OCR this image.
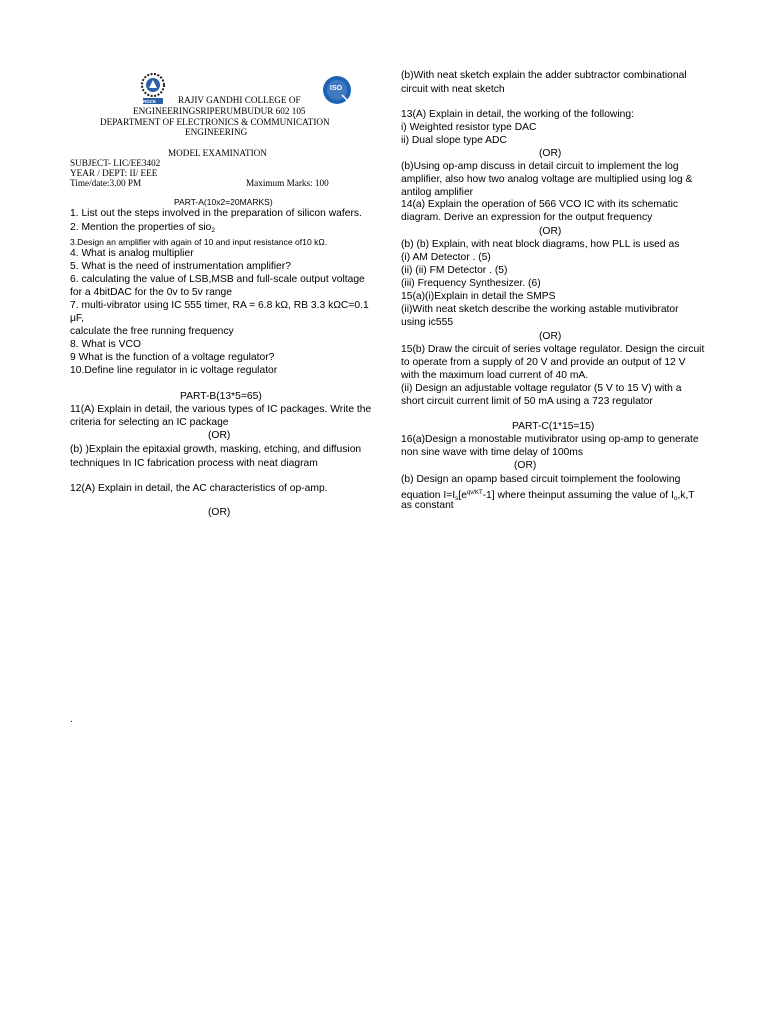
RGCE
ISO
RAJIV GANDHI COLLEGE OF
ENGINEERINGSRIPERUMBUDUR 602 105
DEPARTMENT OF ELECTRONICS & COMMUNICATION
ENGINEERING
MODEL EXAMINATION
SUBJECT- LIC/EE3402
YEAR / DEPT: II/ EEE
Time/date:3.00 PM	Maximum Marks: 100
PART-A(10x2=20MARKS)
1. List out the steps involved in the preparation of silicon wafers.
2. Mention the properties of sio$_2$
3.Design an amplifier with again of 10 and input resistance of10 kΩ.
4. What is analog multiplier
5. What is the need of instrumentation amplifier?
6. calculating the value of LSB,MSB and full-scale output voltage
for a 4bitDAC for the 0v to 5v range
7. multi-vibrator using IC 555 timer, RA = 6.8 kΩ, RB 3.3 kΩC=0.1
μF,
calculate the free running frequency
8. What is VCO
9 What is the function of a voltage regulator?
10.Define line regulator in ic voltage regulator
PART-B(13*5=65)
11(A) Explain in detail, the various types of IC packages. Write the
criteria for selecting an IC package
(OR)
(b) )Explain the epitaxial growth, masking, etching, and diffusion
techniques In IC fabrication process with neat diagram
12(A) Explain in detail, the AC characteristics of op-amp.
(OR)
(b)With neat sketch explain the adder subtractor combinational
circuit with neat sketch
13(A) Explain in detail, the working of the following:
i) Weighted resistor type DAC
ii) Dual slope type ADC
(OR)
(b)Using op-amp discuss in detail circuit to implement the log
amplifier, also how two analog voltage are multiplied using log &
antilog amplifier
14(a) Explain the operation of 566 VCO IC with its schematic
diagram. Derive an expression for the output frequency
(OR)
(b) (b) Explain, with neat block diagrams, how PLL is used as
(i) AM Detector . (5)
(ii) (ii) FM Detector . (5)
(iii) Frequency Synthesizer. (6)
15(a)(i)Explain in detail the SMPS
(ii)With neat sketch describe the working astable mutivibrator
using ic555
(OR)
15(b) Draw the circuit of series voltage regulator. Design the circuit
to operate from a supply of 20 V and provide an output of 12 V
with the maximum load current of 40 mA.
(ii) Design an adjustable voltage regulator (5 V to 15 V) with a
short circuit current limit of 50 mA using a 723 regulator
PART-C(1*15=15)
16(a)Design a monostable mutivibrator using op-amp to generate
non sine wave with time delay of 100ms
(OR)
(b) Design an opamp based circuit toimplement the foolowing
equation $I=I_s[e^{qv/KT}-1]$ where theinput assuming the value of $I_o,k,T$
as constant
.
